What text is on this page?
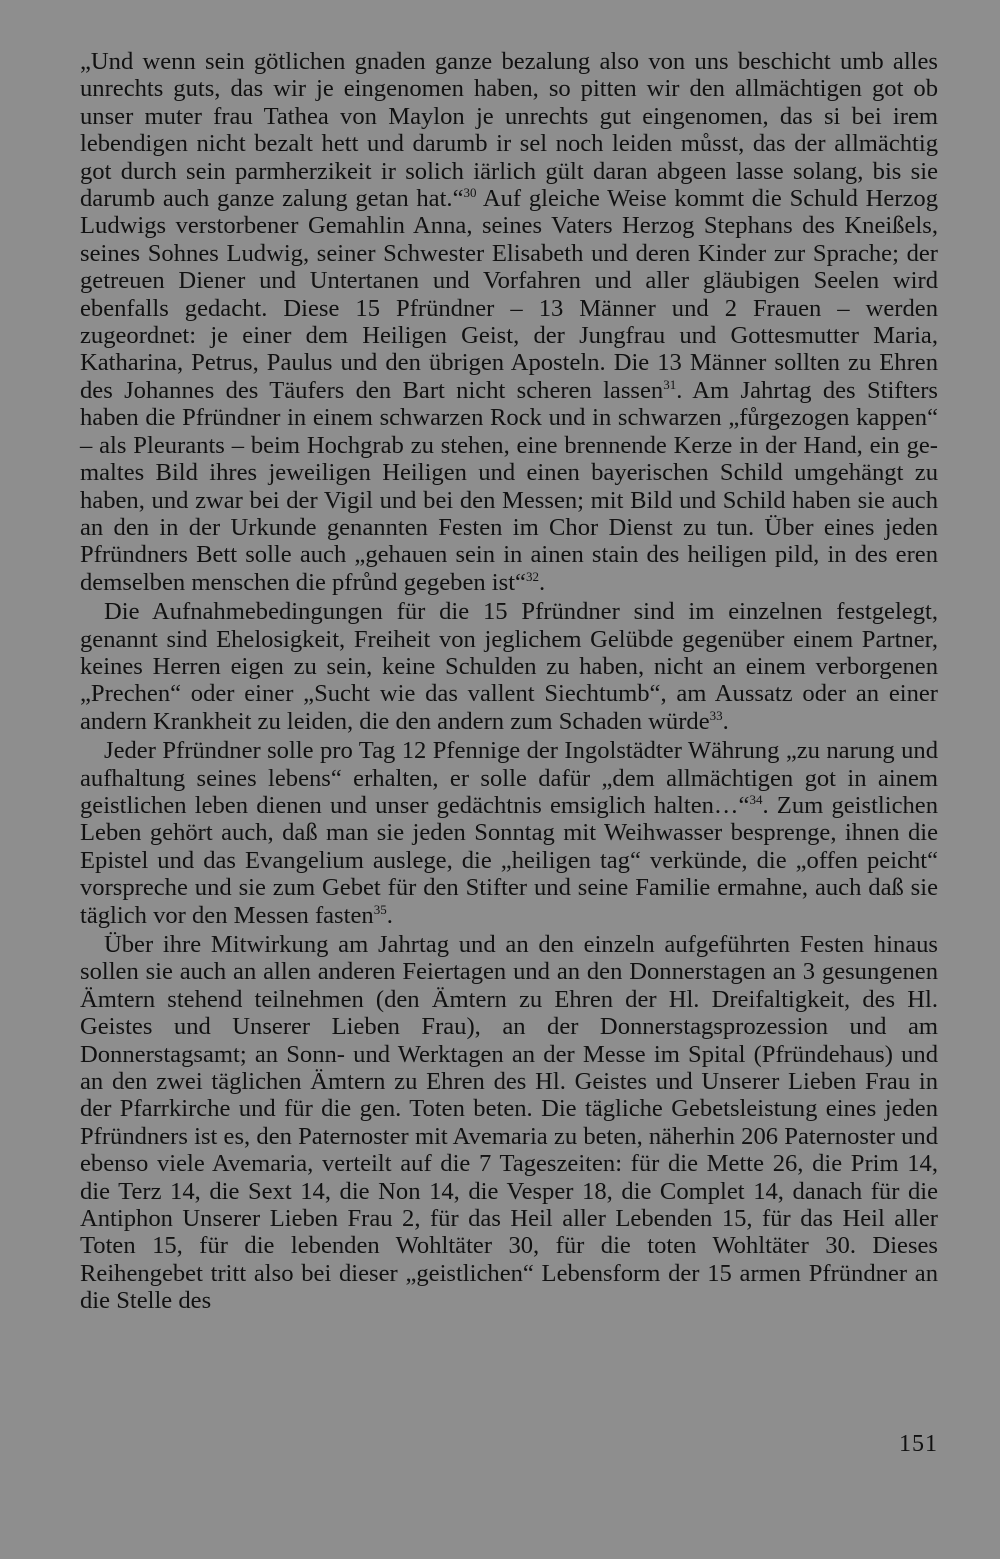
„Und wenn sein götlichen gnaden ganze bezalung also von uns beschicht umb alles unrechts guts, das wir je eingenomen haben, so pitten wir den allmächtigen got ob unser muter frau Tathea von Maylon je unrechts gut eingenomen, das si bei irem lebendigen nicht bezalt hett und darumb ir sel noch leiden můsst, das der allmächtig got durch sein parmherzikeit ir solich iärlich gült daran abgeen lasse solang, bis sie darumb auch ganze zalung getan hat.“$^{30}$ Auf gleiche Weise kommt die Schuld Herzog Ludwigs verstorbener Gemahlin Anna, seines Vaters Herzog Stephans des Kneißels, seines Sohnes Ludwig, seiner Schwester Elisabeth und deren Kinder zur Sprache; der getreuen Diener und Untertanen und Vorfahren und aller gläubigen Seelen wird ebenfalls gedacht. Diese 15 Pfründner – 13 Männer und 2 Frauen – werden zugeordnet: je einer dem Heiligen Geist, der Jungfrau und Gottesmutter Maria, Katharina, Petrus, Paulus und den übrigen Aposteln. Die 13 Männer sollten zu Ehren des Johannes des Täufers den Bart nicht scheren lassen$^{31}$. Am Jahrtag des Stifters haben die Pfründner in einem schwarzen Rock und in schwarzen „fůrgezogen kappen“ – als Pleurants – beim Hochgrab zu stehen, eine brennende Kerze in der Hand, ein gemaltes Bild ihres jeweiligen Heiligen und einen bayerischen Schild umgehängt zu haben, und zwar bei der Vigil und bei den Messen; mit Bild und Schild haben sie auch an den in der Urkunde genannten Festen im Chor Dienst zu tun. Über eines jeden Pfründners Bett solle auch „gehauen sein in ainen stain des heiligen pild, in des eren demselben menschen die pfrůnd gegeben ist“$^{32}$.

Die Aufnahmebedingungen für die 15 Pfründner sind im einzelnen festgelegt, genannt sind Ehelosigkeit, Freiheit von jeglichem Gelübde gegenüber einem Partner, keines Herren eigen zu sein, keine Schulden zu haben, nicht an einem verborgenen „Prechen“ oder einer „Sucht wie das vallent Siechtumb“, am Aussatz oder an einer andern Krankheit zu leiden, die den andern zum Schaden würde$^{33}$.

Jeder Pfründner solle pro Tag 12 Pfennige der Ingolstädter Währung „zu narung und aufhaltung seines lebens“ erhalten, er solle dafür „dem allmächtigen got in ainem geistlichen leben dienen und unser gedächtnis emsiglich halten…“$^{34}$. Zum geistlichen Leben gehört auch, daß man sie jeden Sonntag mit Weihwasser besprenge, ihnen die Epistel und das Evangelium auslege, die „heiligen tag“ verkünde, die „offen peicht“ vorspreche und sie zum Gebet für den Stifter und seine Familie ermahne, auch daß sie täglich vor den Messen fasten$^{35}$.

Über ihre Mitwirkung am Jahrtag und an den einzeln aufgeführten Festen hinaus sollen sie auch an allen anderen Feiertagen und an den Donnerstagen an 3 gesungenen Ämtern stehend teilnehmen (den Ämtern zu Ehren der Hl. Dreifaltigkeit, des Hl. Geistes und Unserer Lieben Frau), an der Donnerstagsprozession und am Donnerstagsamt; an Sonn- und Werktagen an der Messe im Spital (Pfründehaus) und an den zwei täglichen Ämtern zu Ehren des Hl. Geistes und Unserer Lieben Frau in der Pfarrkirche und für die gen. Toten beten. Die tägliche Gebetsleistung eines jeden Pfründners ist es, den Paternoster mit Avemaria zu beten, näherhin 206 Paternoster und ebenso viele Avemaria, verteilt auf die 7 Tageszeiten: für die Mette 26, die Prim 14, die Terz 14, die Sext 14, die Non 14, die Vesper 18, die Complet 14, danach für die Antiphon Unserer Lieben Frau 2, für das Heil aller Lebenden 15, für das Heil aller Toten 15, für die lebenden Wohltäter 30, für die toten Wohltäter 30. Dieses Reihengebet tritt also bei dieser „geistlichen“ Lebensform der 15 armen Pfründner an die Stelle des

151
